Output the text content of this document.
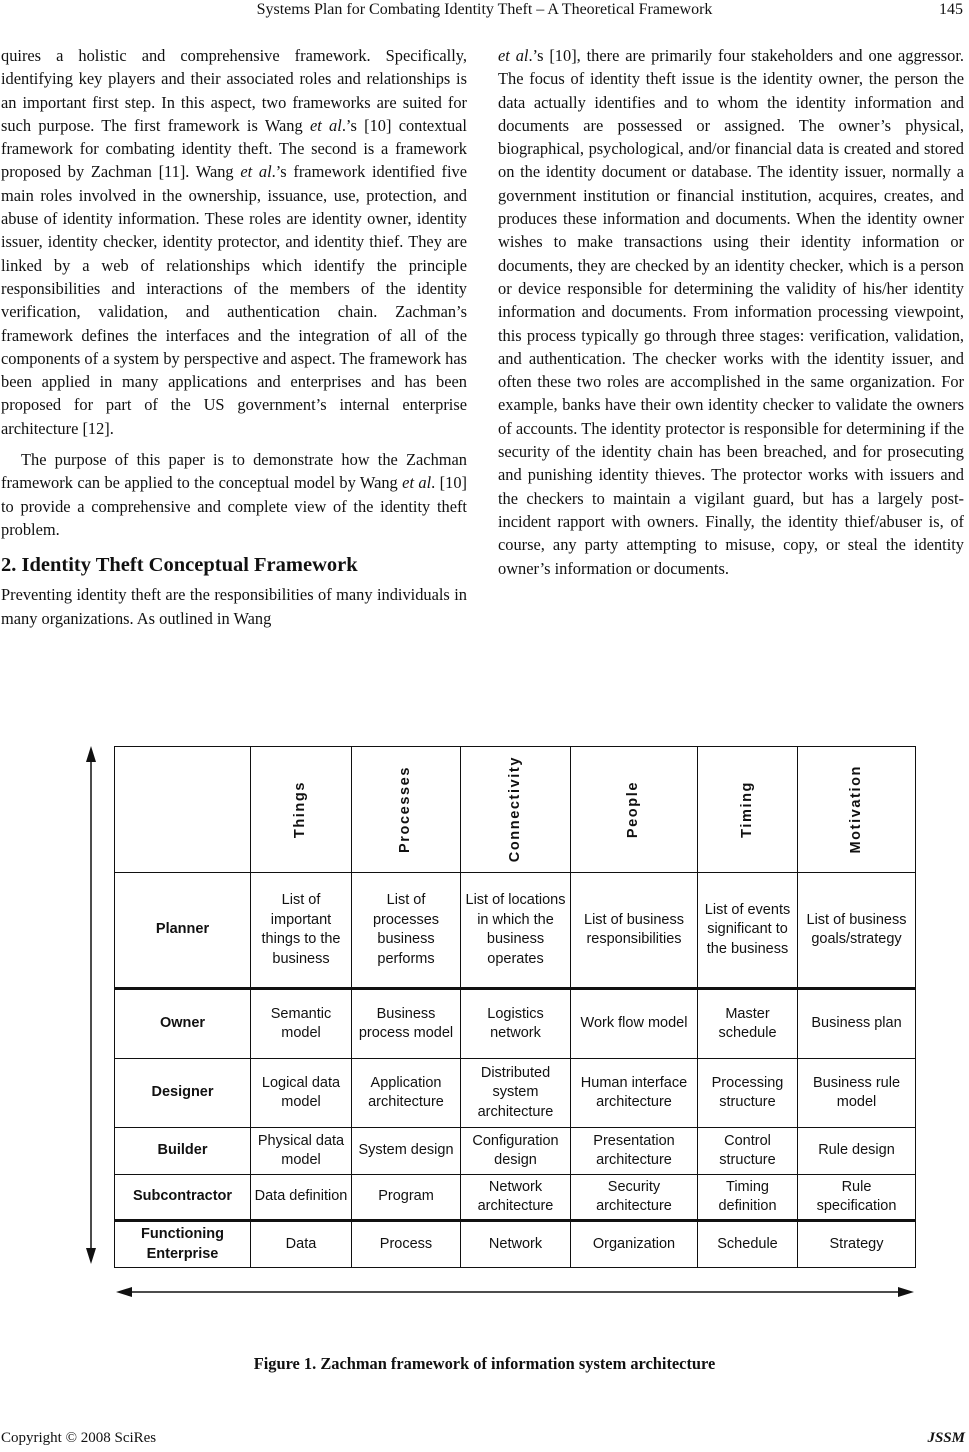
Systems Plan for Combating Identity Theft – A Theoretical Framework	145

quires a holistic and comprehensive framework. Specifically, identifying key players and their associated roles and relationships is an important first step. In this aspect, two frameworks are suited for such purpose. The first framework is Wang et al.’s [10] contextual framework for combating identity theft. The second is a framework proposed by Zachman [11]. Wang et al.’s framework identified five main roles involved in the ownership, issuance, use, protection, and abuse of identity information. These roles are identity owner, identity issuer, identity checker, identity protector, and identity thief. They are linked by a web of relationships which identify the principle responsibilities and interactions of the members of the identity verification, validation, and authentication chain. Zachman’s framework defines the interfaces and the integration of all of the components of a system by perspective and aspect. The framework has been applied in many applications and enterprises and has been proposed for part of the US government’s internal enterprise architecture [12].

The purpose of this paper is to demonstrate how the Zachman framework can be applied to the conceptual model by Wang et al. [10] to provide a comprehensive and complete view of the identity theft problem.

2. Identity Theft Conceptual Framework

Preventing identity theft are the responsibilities of many individuals in many organizations. As outlined in Wang

et al.’s [10], there are primarily four stakeholders and one aggressor. The focus of identity theft issue is the identity owner, the person the data actually identifies and to whom the identity information and documents are possessed or assigned. The owner’s physical, biographical, psychological, and/or financial data is created and stored on the identity document or database. The identity issuer, normally a government institution or financial institution, acquires, creates, and produces these information and documents. When the identity owner wishes to make transactions using their identity information or documents, they are checked by an identity checker, which is a person or device responsible for determining the validity of his/her identity information and documents. From information processing viewpoint, this process typically go through three stages: verification, validation, and authentication. The checker works with the identity issuer, and often these two roles are accomplished in the same organization. For example, banks have their own identity checker to validate the owners of accounts. The identity protector is responsible for determining if the security of the identity chain has been breached, and for prosecuting and punishing identity thieves. The protector works with issuers and the checkers to maintain a vigilant guard, but has a largely post-incident rapport with owners. Finally, the identity thief/abuser is, of course, any party attempting to misuse, copy, or steal the identity owner’s information or documents.

	Things	Processes	Connectivity	People	Timing	Motivation

Planner	List of important things to the business	List of processes business performs	List of locations in which the business operates	List of business responsibilities	List of events significant to the business	List of business goals/strategy
Owner	Semantic model	Business process model	Logistics network	Work flow model	Master schedule	Business plan
Designer	Logical data model	Application architecture	Distributed system architecture	Human interface architecture	Processing structure	Business rule model
Builder	Physical data model	System design	Configuration design	Presentation architecture	Control structure	Rule design
Subcontractor	Data definition	Program	Network architecture	Security architecture	Timing definition	Rule specification
Functioning Enterprise	Data	Process	Network	Organization	Schedule	Strategy
Figure 1. Zachman framework of information system architecture
Copyright © 2008 SciRes	JSSM
